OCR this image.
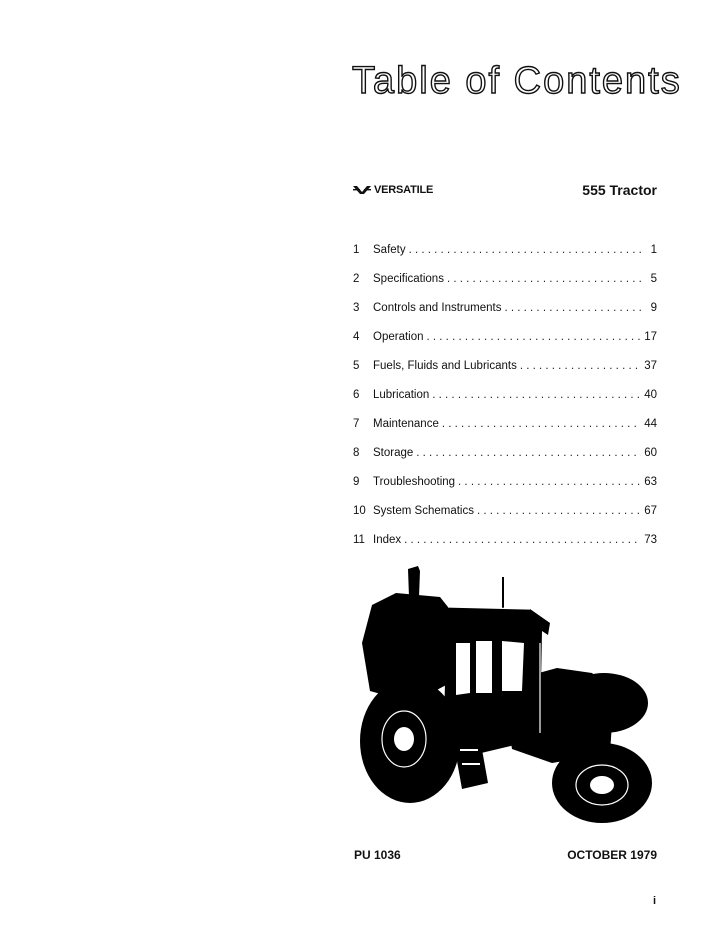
Table of Contents
VERSATILE	555 Tractor
1	Safety . . .	1
2	Specifications . . .	5
3	Controls and Instruments . . .	9
4	Operation . . .	17
5	Fuels, Fluids and Lubricants . . .	37
6	Lubrication . . .	40
7	Maintenance . . .	44
8	Storage . . .	60
9	Troubleshooting . . .	63
10 System Schematics . . .	67
11 Index . . .	73
PU 1036	OCTOBER 1979
i
